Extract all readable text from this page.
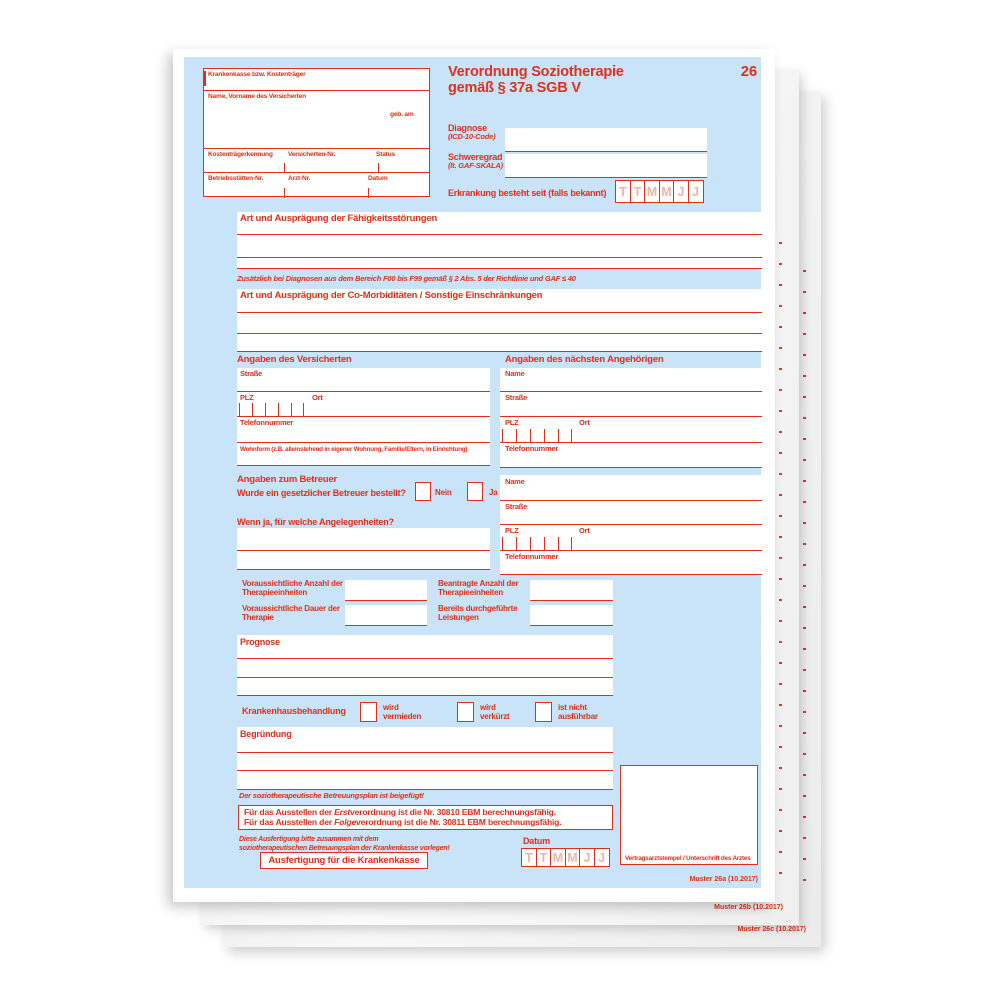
Muster 26c (10.2017)
Muster 26b (10.2017)
Krankenkasse bzw. Kostenträger
Name, Vorname des Versicherten
geb. am
Kostenträgerkennung Versicherten-Nr.	Status
Betriebsstätten-Nr.	Arzt-Nr.	Datum
Verordnung Soziotherapie
gemäß § 37a SGB V
26
Diagnose
(ICD-10-Code)
Schweregrad
(lt. GAF-SKALA)
Erkrankung besteht seit (falls bekannt)	T T M M J J
Art und Ausprägung der Fähigkeitsstörungen
Zusätzlich bei Diagnosen aus dem Bereich F00 bis F99 gemäß § 2 Abs. 5 der Richtlinie und GAF ≤ 40
Art und Ausprägung der Co-Morbiditäten / Sonstige Einschränkungen
Angaben des Versicherten
Straße
PLZ	Ort
Telefonnummer
Wohnform (z.B. alleinstehend in eigener Wohnung, Familie/Eltern, in Einrichtung)
Angaben des nächsten Angehörigen
Name
Straße
PLZ	Ort
Telefonnummer
Angaben zum Betreuer
Wurde ein gesetzlicher Betreuer bestellt?	Nein	Ja
Wenn ja, für welche Angelegenheiten?
Name
Straße
PLZ	Ort
Telefonnummer
Voraussichtliche Anzahl der Therapieeinheiten
Beantragte Anzahl der Therapieeinheiten
Voraussichtliche Dauer der Therapie
Bereits durchgeführte Leistungen
Prognose
Krankenhausbehandlung	wird vermieden
wird verkürzt
ist nicht ausführbar
Begründung
Der soziotherapeutische Betreuungsplan ist beigefügt!
Für das Ausstellen der Erstverordnung ist die Nr. 30810 EBM berechnungsfähig.
Für das Ausstellen der Folgeverordnung ist die Nr. 30811 EBM berechnungsfähig.
Diese Ausfertigung bitte zusammen mit dem
soziotherapeutischen Betreuungsplan der Krankenkasse vorlegen!
Ausfertigung für die Krankenkasse
Datum
T T M M J J	Vertragsarztstempel / Unterschrift des Arztes
Muster 26a (10.2017)
